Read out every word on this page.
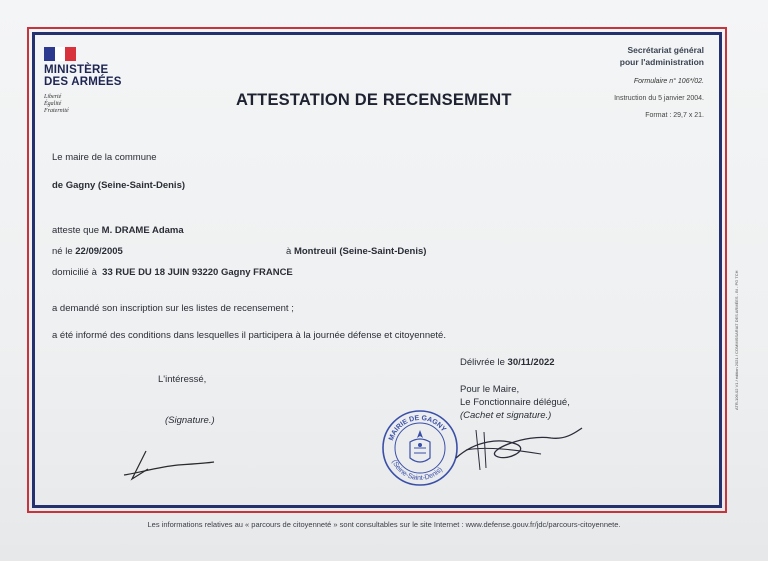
MINISTÈRE
DES ARMÉES
Liberté
Égalité
Fraternité
ATTESTATION DE RECENSEMENT
Secrétariat général
pour l'administration
Formulaire n° 106*/02.
Instruction du 5 janvier 2004.
Format : 29,7 x 21.
Le maire de la commune
de Gagny (Seine-Saint-Denis)
atteste que M. DRAME Adama
né le 22/09/2005	à Montreuil (Seine-Saint-Denis)
domicilié à 33 RUE DU 18 JUIN 93220 Gagny FRANCE
a demandé son inscription sur les listes de recensement ;
a été informé des conditions dans lesquelles il participera à la journée défense et citoyenneté.
Délivrée le 30/11/2022
L'intéressé,
(Signature.)
Pour le Maire,
Le Fonctionnaire délégué,
(Cachet et signature.)
MAIRIE DE GAGNY
(Seine-Saint-Denis)
ATR-106-02 V1 / édition 2021 / COMMISSARIAT DES ARMÉES - BI - PG TCH
Les informations relatives au « parcours de citoyenneté » sont consultables sur le site Internet : www.defense.gouv.fr/jdc/parcours-citoyennete.
